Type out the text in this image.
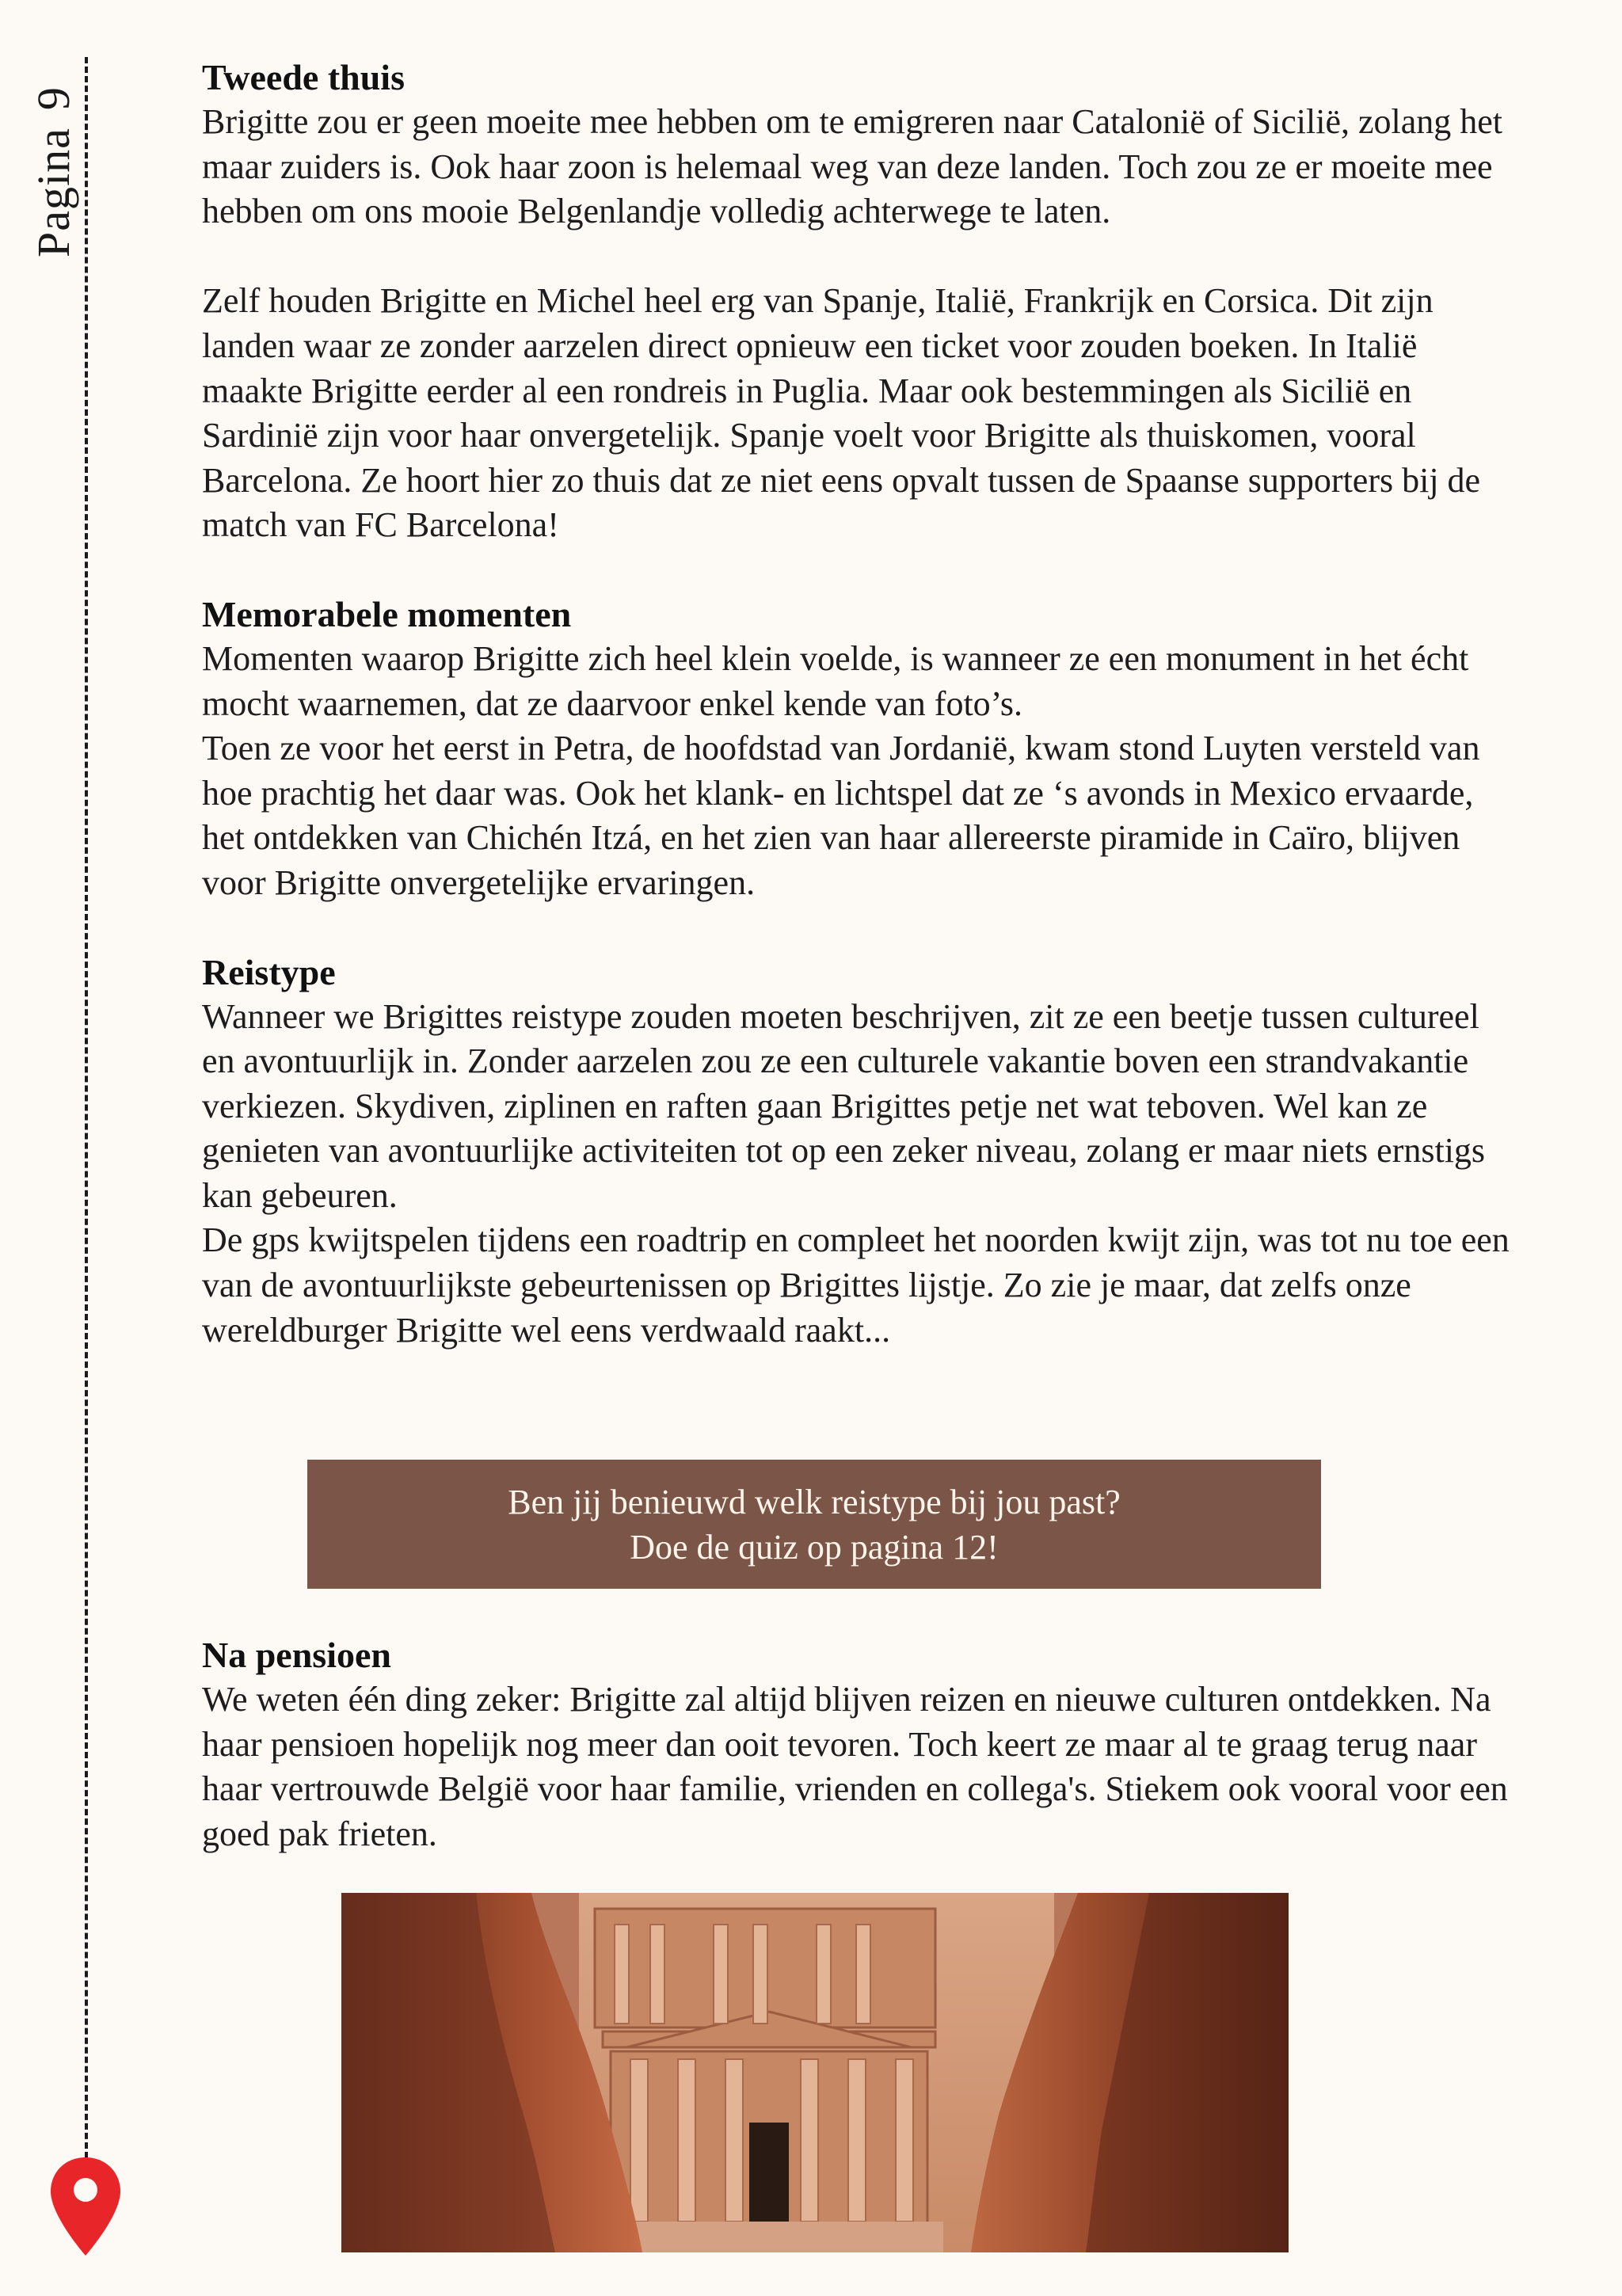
Pagina9
Tweede thuis

Brigitte zou er geen moeite mee hebben om te emigreren naar Catalonië of Sicilië, zolang het maar zuiders is. Ook haar zoon is helemaal weg van deze landen. Toch zou ze er moeite mee hebben om ons mooie Belgenlandje volledig achterwege te laten.

Zelf houden Brigitte en Michel heel erg van Spanje, Italië, Frankrijk en Corsica. Dit zijn landen waar ze zonder aarzelen direct opnieuw een ticket voor zouden boeken. In Italië maakte Brigitte eerder al een rondreis in Puglia. Maar ook bestemmingen als Sicilië en Sardinië zijn voor haar onvergetelijk. Spanje voelt voor Brigitte als thuiskomen, vooral Barcelona. Ze hoort hier zo thuis dat ze niet eens opvalt tussen de Spaanse supporters bij de match van FC Barcelona!

Memorabele momenten

Momenten waarop Brigitte zich heel klein voelde, is wanneer ze een monument in het écht mocht waarnemen, dat ze daarvoor enkel kende van foto’s.

Toen ze voor het eerst in Petra, de hoofdstad van Jordanië, kwam stond Luyten versteld van hoe prachtig het daar was. Ook het klank- en lichtspel dat ze ‘s avonds in Mexico ervaarde, het ontdekken van Chichén Itzá, en het zien van haar allereerste piramide in Caïro, blijven voor Brigitte onvergetelijke ervaringen.

Reistype

Wanneer we Brigittes reistype zouden moeten beschrijven, zit ze een beetje tussen cultureel en avontuurlijk in. Zonder aarzelen zou ze een culturele vakantie boven een strandvakantie verkiezen. Skydiven, ziplinen en raften gaan Brigittes petje net wat teboven. Wel kan ze genieten van avontuurlijke activiteiten tot op een zeker niveau, zolang er maar niets ernstigs kan gebeuren.

De gps kwijtspelen tijdens een roadtrip en compleet het noorden kwijt zijn, was tot nu toe een van de avontuurlijkste gebeurtenissen op Brigittes lijstje. Zo zie je maar, dat zelfs onze wereldburger Brigitte wel eens verdwaald raakt...

Ben jij benieuwd welk reistype bij jou past?
Doe de quiz op pagina 12!
Na pensioen

We weten één ding zeker: Brigitte zal altijd blijven reizen en nieuwe culturen ontdekken. Na haar pensioen hopelijk nog meer dan ooit tevoren. Toch keert ze maar al te graag terug naar haar vertrouwde België voor haar familie, vrienden en collega's. Stiekem ook vooral voor een goed pak frieten.
